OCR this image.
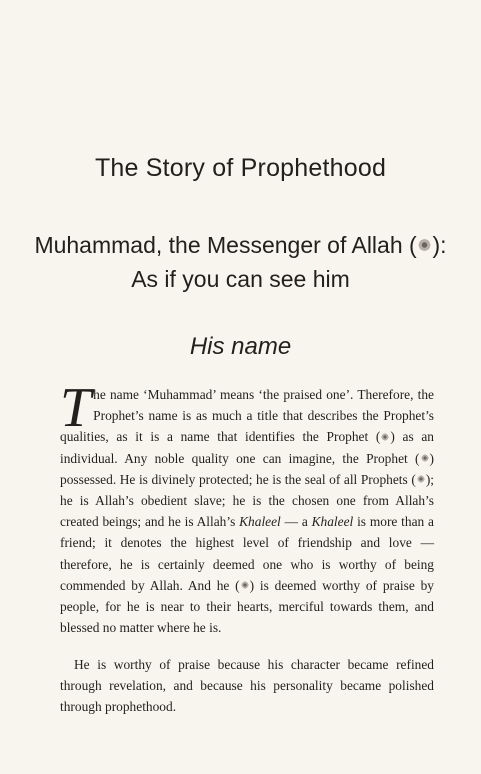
The Story of Prophethood
Muhammad, the Messenger of Allah ( ):
As if you can see him
His name

The name ‘Muhammad’ means ‘the praised one’. Therefore, the Prophet’s name is as much a title that describes the Prophet’s qualities, as it is a name that identifies the Prophet ( ) as an individual. Any noble quality one can imagine, the Prophet ( ) possessed. He is divinely protected; he is the seal of all Prophets ( ); he is Allah’s obedient slave; he is the chosen one from Allah’s created beings; and he is Allah’s Khaleel — a Khaleel is more than a friend; it denotes the highest level of friendship and love — therefore, he is certainly deemed one who is worthy of being commended by Allah. And he ( ) is deemed worthy of praise by people, for he is near to their hearts, merciful towards them, and blessed no matter where he is.

He is worthy of praise because his character became refined through revelation, and because his personality became polished through prophethood.
